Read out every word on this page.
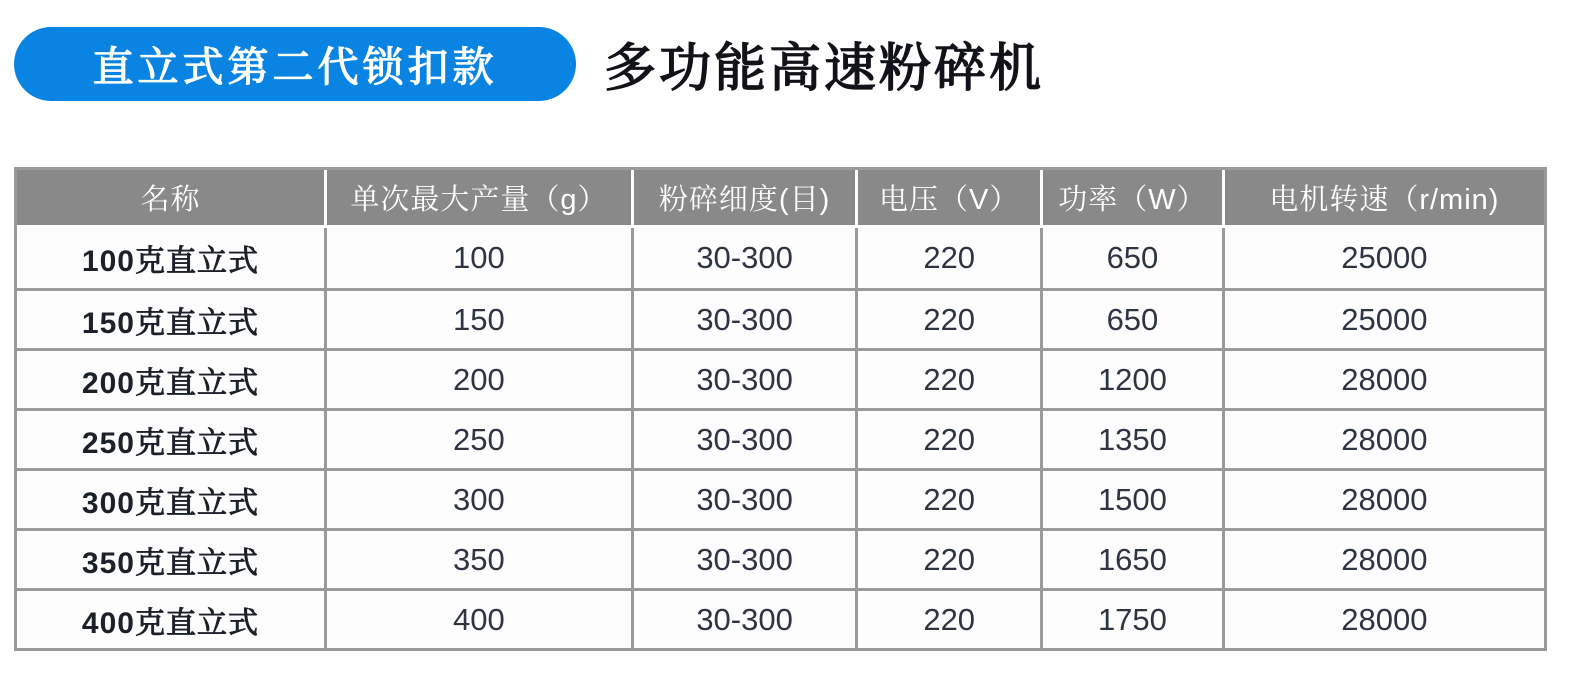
直立式第二代锁扣款 多功能高速粉碎机
名称	单次最大产量（g）	粉碎细度(目)	电压（V）	功率（W）	电机转速（r/min)
100克直立式	100	30-300	220	650	25000
150克直立式	150	30-300	220	650	25000
200克直立式	200	30-300	220	1200	28000
250克直立式	250	30-300	220	1350	28000
300克直立式	300	30-300	220	1500	28000
350克直立式	350	30-300	220	1650	28000
400克直立式	400	30-300	220	1750	28000
